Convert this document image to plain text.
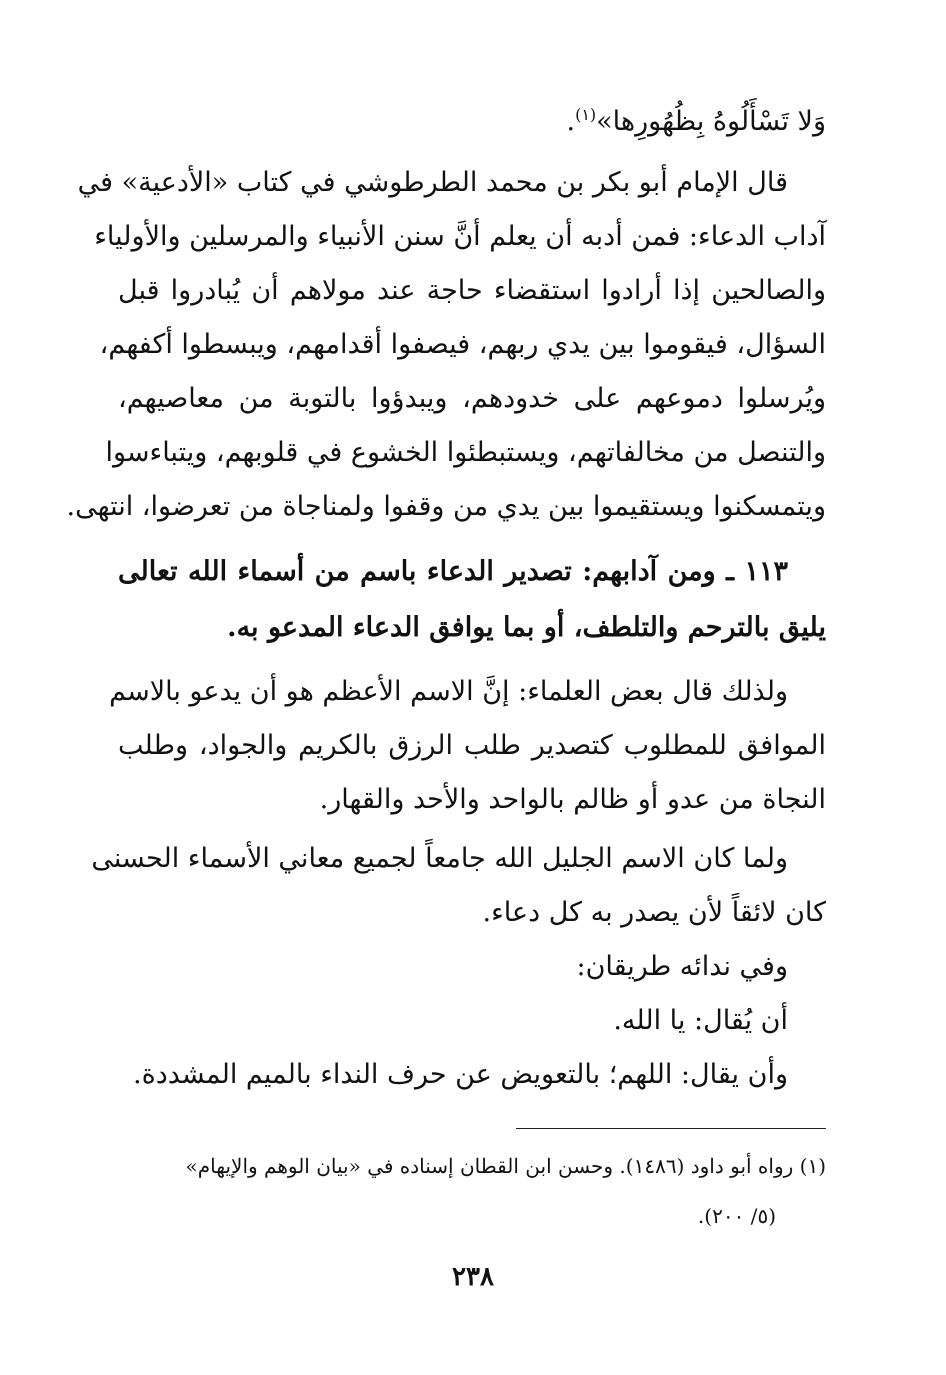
وَلا تَسْأَلُوهُ بِظُهُورِها»$^{(١)}$.
قال الإمام أبو بكر بن محمد الطرطوشي في كتاب «الأدعية» في
آداب الدعاء: فمن أدبه أن يعلم أنَّ سنن الأنبياء والمرسلين والأولياء
والصالحين إذا أرادوا استقضاء حاجة عند مولاهم أن يُبادروا قبل
السؤال، فيقوموا بين يدي ربهم، فيصفوا أقدامهم، ويبسطوا أكفهم،
ويُرسلوا دموعهم على خدودهم، ويبدؤوا بالتوبة من معاصيهم،
والتنصل من مخالفاتهم، ويستبطئوا الخشوع في قلوبهم، ويتباءسوا
ويتمسكنوا ويستقيموا بين يدي من وقفوا ولمناجاة من تعرضوا، انتهى.
١١٣ ـ ومن آدابهم: تصدير الدعاء باسم من أسماء الله تعالى
يليق بالترحم والتلطف، أو بما يوافق الدعاء المدعو به.
ولذلك قال بعض العلماء: إنَّ الاسم الأعظم هو أن يدعو بالاسم
الموافق للمطلوب كتصدير طلب الرزق بالكريم والجواد، وطلب
النجاة من عدو أو ظالم بالواحد والأحد والقهار.
ولما كان الاسم الجليل الله جامعاً لجميع معاني الأسماء الحسنى
كان لائقاً لأن يصدر به كل دعاء.
وفي ندائه طريقان:
أن يُقال: يا الله.
وأن يقال: اللهم؛ بالتعويض عن حرف النداء بالميم المشددة.
(١) رواه أبو داود (١٤٨٦). وحسن ابن القطان إسناده في «بيان الوهم والإيهام»
(٥/ ٢٠٠).
٢٣٨
